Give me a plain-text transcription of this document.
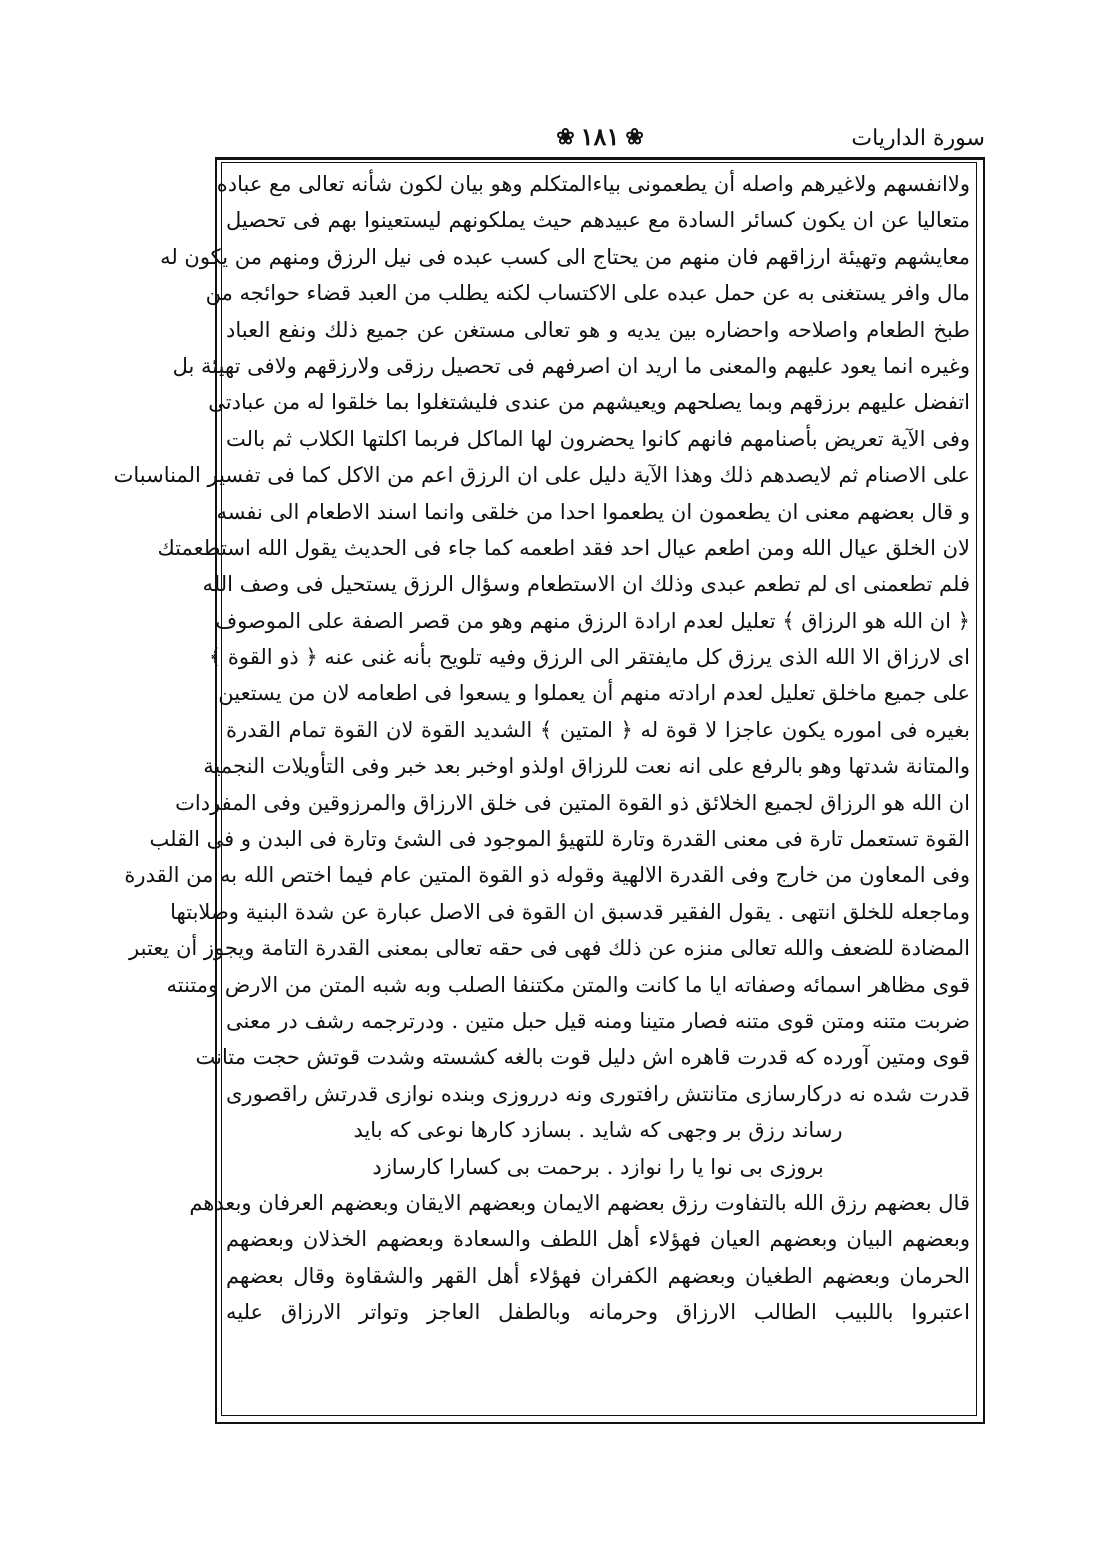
سورة الداريات
❀ ١٨١ ❀
ولاانفسهم ولاغيرهم واصله أن يطعمونى بياءالمتكلم وهو بيان لكون شأنه تعالى مع عباده
متعاليا عن ان يكون كسائر السادة مع عبيدهم حيث يملكونهم ليستعينوا بهم فى تحصيل
معايشهم وتهيئة ارزاقهم فان منهم من يحتاج الى كسب عبده فى نيل الرزق ومنهم من يكون له
مال وافر يستغنى به عن حمل عبده على الاكتساب لكنه يطلب من العبد قضاء حوائجه من
طبخ الطعام واصلاحه واحضاره بين يديه و هو تعالى مستغن عن جميع ذلك ونفع العباد
وغيره انما يعود عليهم والمعنى ما اريد ان اصرفهم فى تحصيل رزقى ولارزقهم ولافى تهيئة بل
اتفضل عليهم برزقهم وبما يصلحهم ويعيشهم من عندى فليشتغلوا بما خلقوا له من عبادتى
وفى الآية تعريض بأصنامهم فانهم كانوا يحضرون لها الماكل فربما اكلتها الكلاب ثم بالت
على الاصنام ثم لايصدهم ذلك وهذا الآية دليل على ان الرزق اعم من الاكل كما فى تفسير المناسبات
و قال بعضهم معنى ان يطعمون ان يطعموا احدا من خلقى وانما اسند الاطعام الى نفسه
لان الخلق عيال الله ومن اطعم عيال احد فقد اطعمه كما جاء فى الحديث يقول الله استطعمتك
فلم تطعمنى اى لم تطعم عبدى وذلك ان الاستطعام وسؤال الرزق يستحيل فى وصف الله
﴿ ان الله هو الرزاق ﴾ تعليل لعدم ارادة الرزق منهم وهو من قصر الصفة على الموصوف
اى لارزاق الا الله الذى يرزق كل مايفتقر الى الرزق وفيه تلويح بأنه غنى عنه ﴿ ذو القوة ﴾
على جميع ماخلق تعليل لعدم ارادته منهم أن يعملوا و يسعوا فى اطعامه لان من يستعين
بغيره فى اموره يكون عاجزا لا قوة له ﴿ المتين ﴾ الشديد القوة لان القوة تمام القدرة
والمتانة شدتها وهو بالرفع على انه نعت للرزاق اولذو اوخبر بعد خبر وفى التأويلات النجمية
ان الله هو الرزاق لجميع الخلائق ذو القوة المتين فى خلق الارزاق والمرزوقين وفى المفردات
القوة تستعمل تارة فى معنى القدرة وتارة للتهيؤ الموجود فى الشئ وتارة فى البدن و فى القلب
وفى المعاون من خارج وفى القدرة الالهية وقوله ذو القوة المتين عام فيما اختص الله به من القدرة
وماجعله للخلق انتهى . يقول الفقير قدسبق ان القوة فى الاصل عبارة عن شدة البنية وصلابتها
المضادة للضعف والله تعالى منزه عن ذلك فهى فى حقه تعالى بمعنى القدرة التامة ويجوز أن يعتبر
قوى مظاهر اسمائه وصفاته ايا ما كانت والمتن مكتنفا الصلب وبه شبه المتن من الارض ومتنته
ضربت متنه ومتن قوى متنه فصار متينا ومنه قيل حبل متين . ودرترجمه رشف در معنى
قوى ومتين آورده كه قدرت قاهره اش دليل قوت بالغه كشسته وشدت قوتش حجت متانت
قدرت شده نه دركارسازى متانتش رافتورى ونه درروزى وبنده نوازى قدرتش راقصورى
رساند رزق بر وجهى كه شايد . بسازد كارها نوعى كه بايد
بروزى بى نوا يا را نوازد . برحمت بى كسارا كارسازد
قال بعضهم رزق الله بالتفاوت رزق بعضهم الايمان وبعضهم الايقان وبعضهم العرفان وبعدهم
وبعضهم البيان وبعضهم العيان فهؤلاء أهل اللطف والسعادة وبعضهم الخذلان وبعضهم
الحرمان وبعضهم الطغيان وبعضهم الكفران فهؤلاء أهل القهر والشقاوة وقال بعضهم
اعتبروا باللبيب الطالب الارزاق وحرمانه وبالطفل العاجز وتواتر الارزاق عليه
